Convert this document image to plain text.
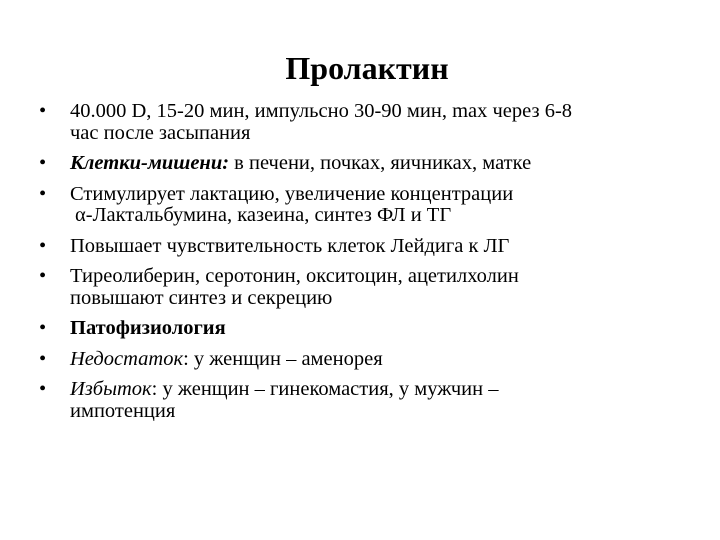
Пролактин
• 40.000 D, 15-20 мин, импульсно 30-90 мин, max через 6-8
час после засыпания
• Клетки-мишени: в печени, почках, яичниках, матке
• Стимулирует лактацию, увеличение концентрации
α-Лактальбумина, казеина, синтез ФЛ и ТГ
• Повышает чувствительность клеток Лейдига к ЛГ
• Тиреолиберин, серотонин, окситоцин, ацетилхолин
повышают синтез и секрецию
• Патофизиология
• Недостаток: у женщин – аменорея
• Избыток: у женщин – гинекомастия, у мужчин –
импотенция
